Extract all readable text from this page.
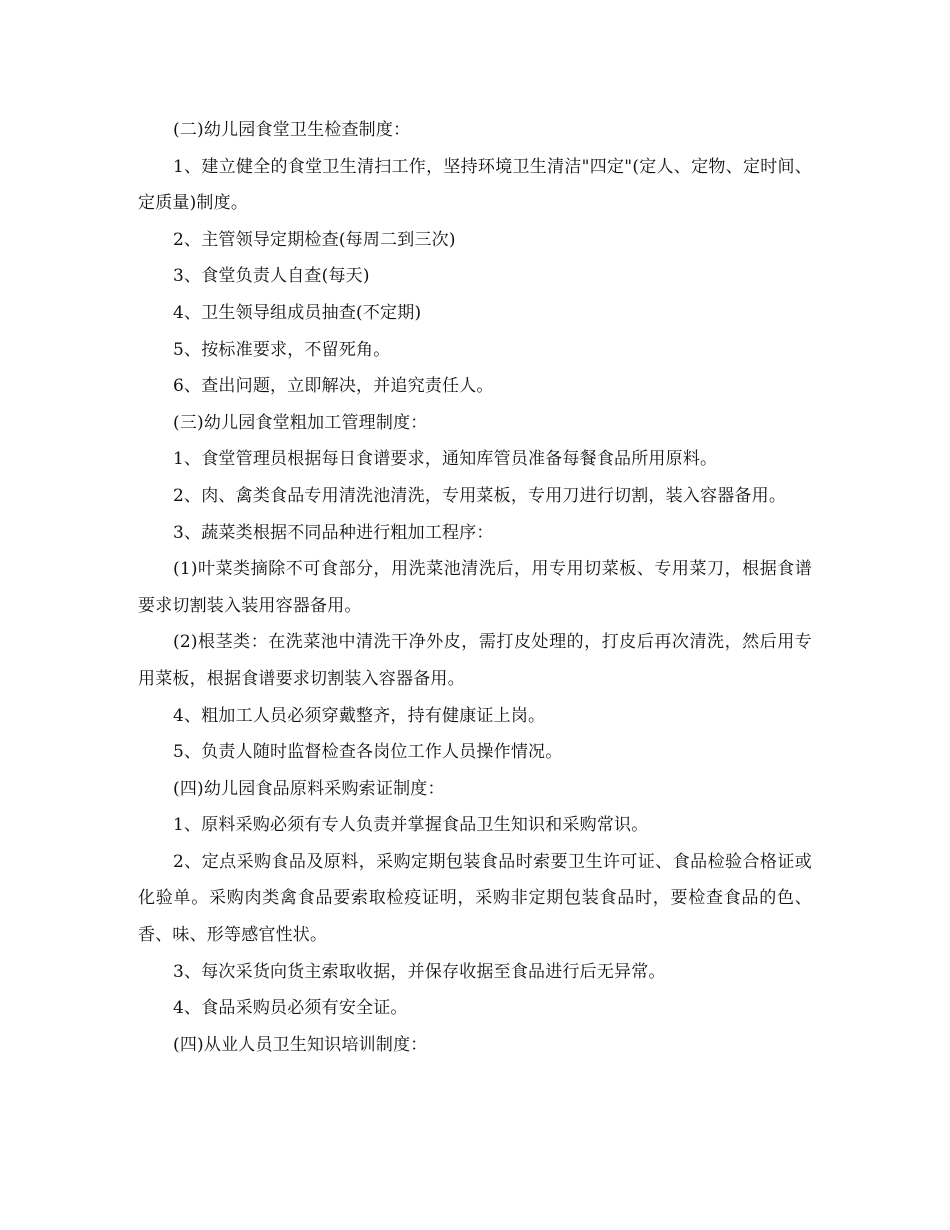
(二)幼儿园食堂卫生检查制度：

1、建立健全的食堂卫生清扫工作，坚持环境卫生清洁"四定"(定人、定物、定时间、定质量)制度。

2、主管领导定期检查(每周二到三次)

3、食堂负责人自查(每天)

4、卫生领导组成员抽查(不定期)

5、按标准要求，不留死角。

6、查出问题，立即解决，并追究责任人。

(三)幼儿园食堂粗加工管理制度：

1、食堂管理员根据每日食谱要求，通知库管员准备每餐食品所用原料。

2、肉、禽类食品专用清洗池清洗，专用菜板，专用刀进行切割，装入容器备用。

3、蔬菜类根据不同品种进行粗加工程序：

(1)叶菜类摘除不可食部分，用洗菜池清洗后，用专用切菜板、专用菜刀，根据食谱要求切割装入装用容器备用。

(2)根茎类：在洗菜池中清洗干净外皮，需打皮处理的，打皮后再次清洗，然后用专用菜板，根据食谱要求切割装入容器备用。

4、粗加工人员必须穿戴整齐，持有健康证上岗。

5、负责人随时监督检查各岗位工作人员操作情况。

(四)幼儿园食品原料采购索证制度：

1、原料采购必须有专人负责并掌握食品卫生知识和采购常识。

2、定点采购食品及原料，采购定期包装食品时索要卫生许可证、食品检验合格证或化验单。采购肉类禽食品要索取检疫证明，采购非定期包装食品时，要检查食品的色、香、味、形等感官性状。

3、每次采货向货主索取收据，并保存收据至食品进行后无异常。

4、食品采购员必须有安全证。

(四)从业人员卫生知识培训制度：
